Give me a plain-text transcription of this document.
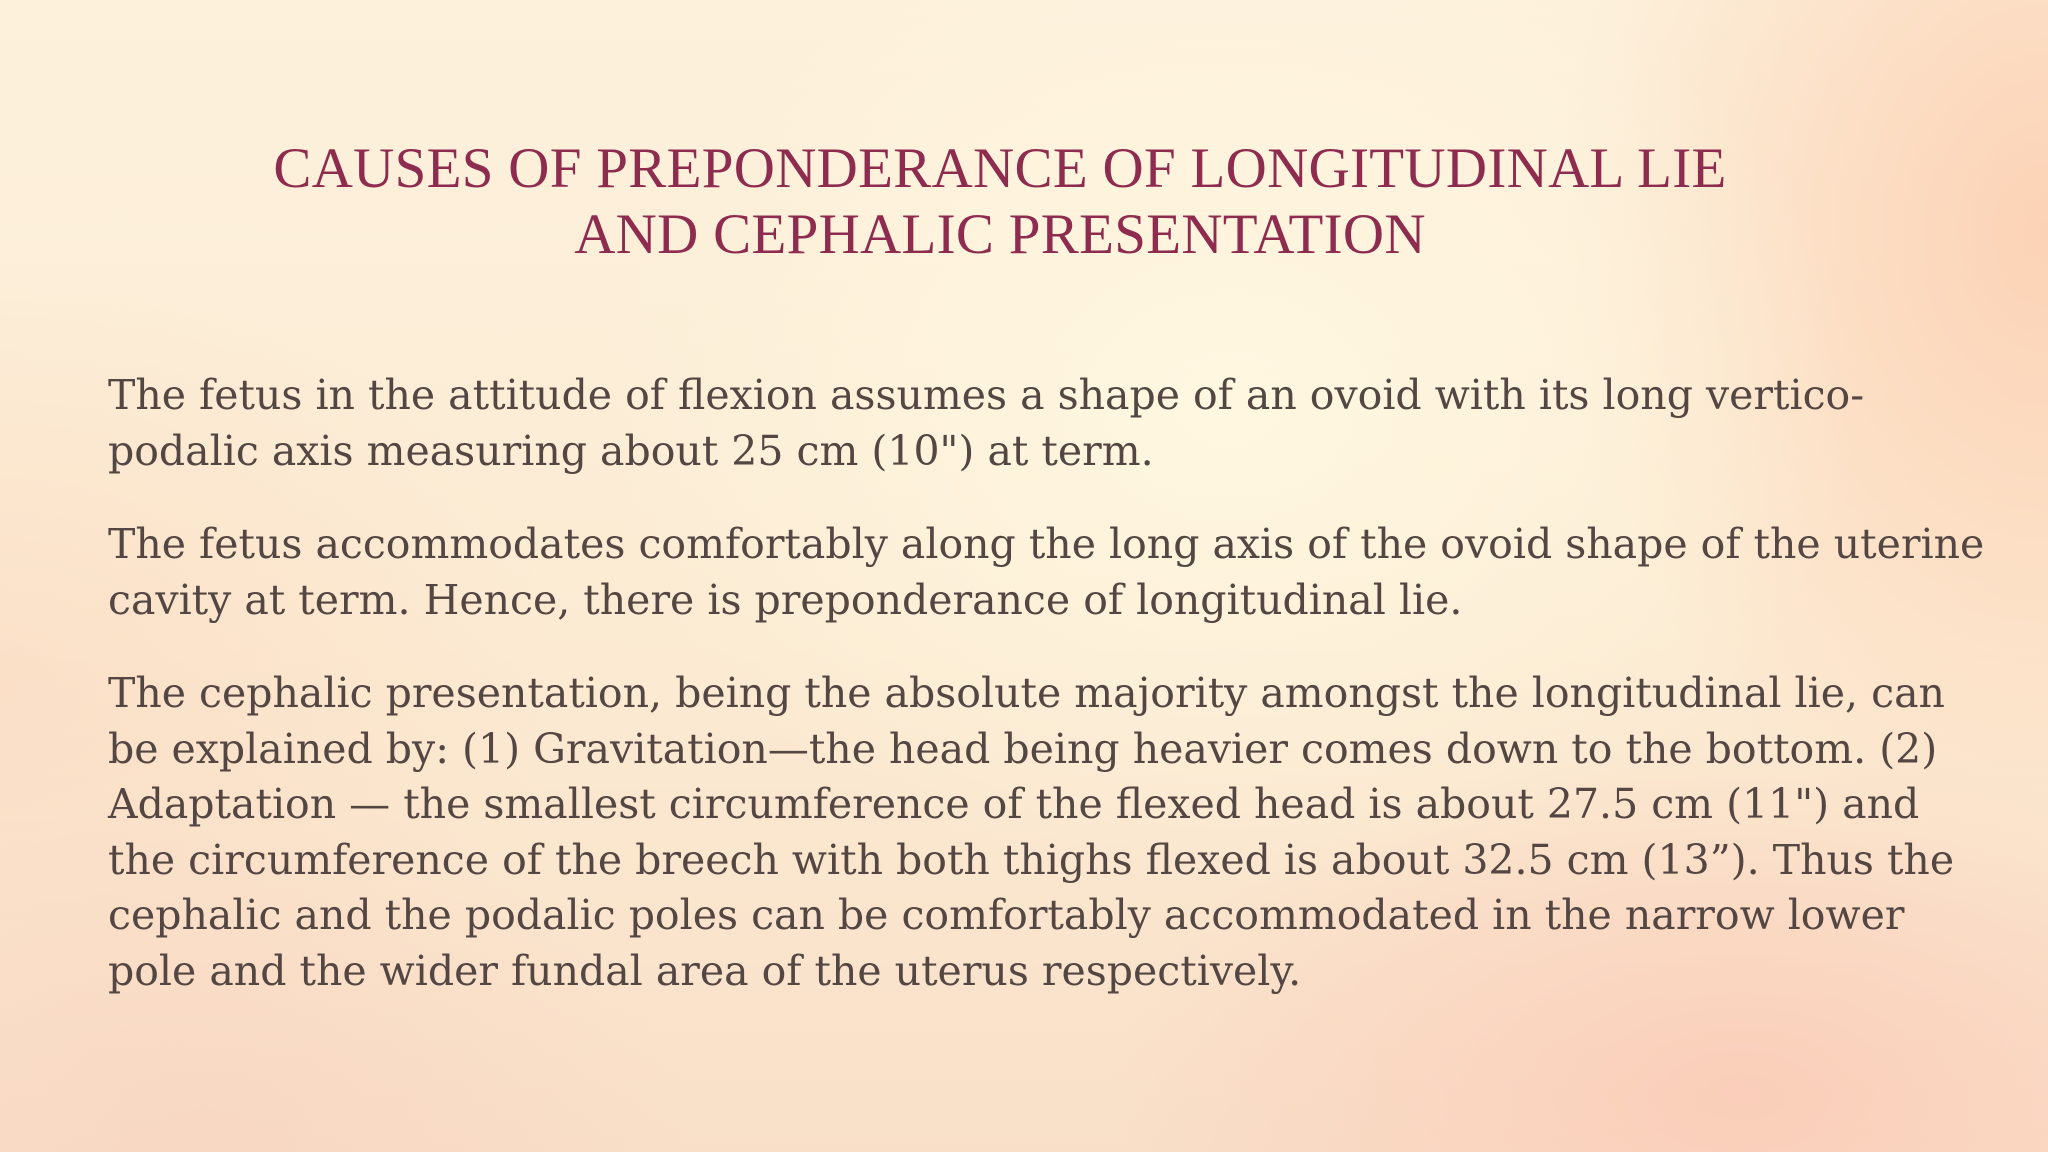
CAUSES OF PREPONDERANCE OF LONGITUDINAL LIE
AND CEPHALIC PRESENTATION

The fetus in the attitude of flexion assumes a shape of an ovoid with its long vertico-podalic axis measuring about 25 cm (10") at term.

The fetus accommodates comfortably along the long axis of the ovoid shape of the uterine cavity at term. Hence, there is preponderance of longitudinal lie.

The cephalic presentation, being the absolute majority amongst the longitudinal lie, can be explained by: (1) Gravitation—the head being heavier comes down to the bottom. (2) Adaptation — the smallest circumference of the flexed head is about 27.5 cm (11") and the circumference of the breech with both thighs flexed is about 32.5 cm (13”). Thus the cephalic and the podalic poles can be comfortably accommodated in the narrow lower pole and the wider fundal area of the uterus respectively.
